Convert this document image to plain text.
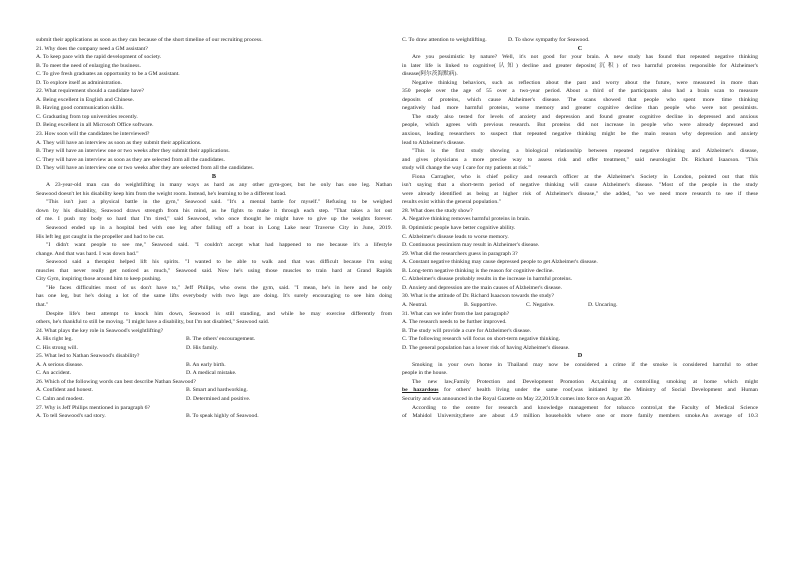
submit their applications as soon as they can because of the short timeline of our recruiting process.
21. Why does the company need a GM assistant?
A. To keep pace with the rapid development of society.
B. To meet the need of enlarging the business.
C. To give fresh graduates an opportunity to be a GM assistant.
D. To explore itself as administration.
22. What requirement should a candidate have?
A. Being excellent in English and Chinese.
B. Having good communication skills.
C. Graduating from top universities recently.
D. Being excellent in all Microsoft Office software.
23. How soon will the candidates be interviewed?
A. They will have an interview as soon as they submit their applications.
B. They will have an interview one or two weeks after they submit their applications.
C. They will have an interview as soon as they are selected from all the candidates.
D. They will have an interview one or two weeks after they are selected from all the candidates.
B
A 23-year-old man can do weightlifting in many ways as hard as any other gym-goer, but he only has one leg. Nathan
Seawood doesn't let his disability keep him from the weight room. Instead, he's learning to be a different load.
"This isn't just a physical battle in the gym," Seawood said. "It's a mental battle for myself." Refusing to be weighed
down by his disability, Seawood draws strength from his mind, as he fights to make it through each step. "That takes a lot out
of me. I push my body so hard that I'm tired," said Seawood, who once thought he might have to give up the weights forever.
Seawood ended up in a hospital bed with one leg after falling off a boat in Long Lake near Traverse City in June, 2019.
His left leg got caught in the propeller and had to be cut.
"I didn't want people to see me," Seawood said. "I couldn't accept what had happened to me because it's a lifestyle
change. And that was hard. I was down bad."
Seawood said a therapist helped lift his spirits. "I wanted to be able to walk and that was difficult because I'm using
muscles that never really get noticed as much," Seawood said. Now he's using those muscles to train hard at Grand Rapids
City Gym, inspiring those around him to keep pushing.
"He faces difficulties most of us don't have to," Jeff Philips, who owns the gym, said. "I mean, he's in here and he only
has one leg, but he's doing a lot of the same lifts everybody with two legs are doing. It's surely encouraging to see him doing
that."
Despite life's best attempt to knock him down, Seawood is still standing, and while he may exercise differently from
others, he's thankful to still be moving. "I might have a disability, but I'm not disabled," Seawood said.
24. What plays the key role in Seawood's weightlifting?
A. His right leg.	B. The others' encouragement.
C. His strong will.	D. His family.
25. What led to Nathan Seawood's disability?
A. A serious disease.	B. An early birth.
C. An accident.	D. A medical mistake.
26. Which of the following words can best describe Nathan Seawood?
A. Confident and honest.	B. Smart and hardworking.
C. Calm and modest.	D. Determined and positive.
27. Why is Jeff Philips mentioned in paragraph 6?
A. To tell Seawood's sad story.	B. To speak highly of Seawood.
C. To draw attention to weightlifting.	D. To show sympathy for Seawood.
C
Are you pessimistic by nature? Well, it's not good for your brain. A new study has found that repeated negative thinking
in later life is linked to cognitive(认知) decline and greater deposits(沉积) of two harmful proteins responsible for Alzheimer's
disease(阿尔茨海默病).
Negative thinking behaviors, such as reflection about the past and worry about the future, were measured in more than
350 people over the age of 55 over a two-year period. About a third of the participants also had a brain scan to measure
deposits of proteins, which cause Alzheimer's disease. The scans showed that people who spent more time thinking
negatively had more harmful proteins, worse memory and greater cognitive decline than people who were not pessimists.
The study also tested for levels of anxiety and depression and found greater cognitive decline in depressed and anxious
people, which agrees with previous research. But proteins did not increase in people who were already depressed and
anxious, leading researchers to suspect that repeated negative thinking might be the main reason why depression and anxiety
lead to Alzheimer's disease.
"This is the first study showing a biological relationship between repeated negative thinking and Alzheimer's disease,
and gives physicians a more precise way to assess risk and offer treatment," said neurologist Dr. Richard Isaacson. "This
study will change the way I care for my patients at risk."
Fiona Carragher, who is chief policy and research officer at the Alzheimer's Society in London, pointed out that this
isn't saying that a short-term period of negative thinking will cause Alzheimer's disease. "Most of the people in the study
were already identified as being at higher risk of Alzheimer's disease," she added, "so we need more research to see if these
results exist within the general population."
28. What does the study show?
A. Negative thinking removes harmful proteins in brain.
B. Optimistic people have better cognitive ability.
C. Alzheimer's disease leads to worse memory.
D. Continuous pessimism may result in Alzheimer's disease.
29. What did the researchers guess in paragraph 3?
A. Constant negative thinking may cause depressed people to get Alzheimer's disease.
B. Long-term negative thinking is the reason for cognitive decline.
C. Alzheimer's disease probably results in the increase in harmful proteins.
D. Anxiety and depression are the main causes of Alzheimer's disease.
30. What is the attitude of Dr. Richard Isaacson towards the study?
A. Neutral.	B. Supportive.	C. Negative.	D. Uncaring.
31. What can we infer from the last paragraph?
A. The research needs to be further improved.
B. The study will provide a cure for Alzheimer's disease.
C. The following research will focus on short-term negative thinking.
D. The general population has a lower risk of having Alzheimer's disease.
D
Smoking in your own home in Thailand may now be considered a crime if the smoke is considered harmful to other
people in the house.
The new law,Family Protection and Development Promotion Act,aiming at controlling smoking at home which might
be hazardous for others' health living under the same roof,was initiated by the Ministry of Social Development and Human
Security and was announced in the Royal Gazette on May 22,2019.It comes into force on August 20.
According to the centre for research and knowledge management for tobacco control,at the Faculty of Medical Science
of Mahidol University,there are about 4.9 million households where one or more family members smoke.An average of 10.3
